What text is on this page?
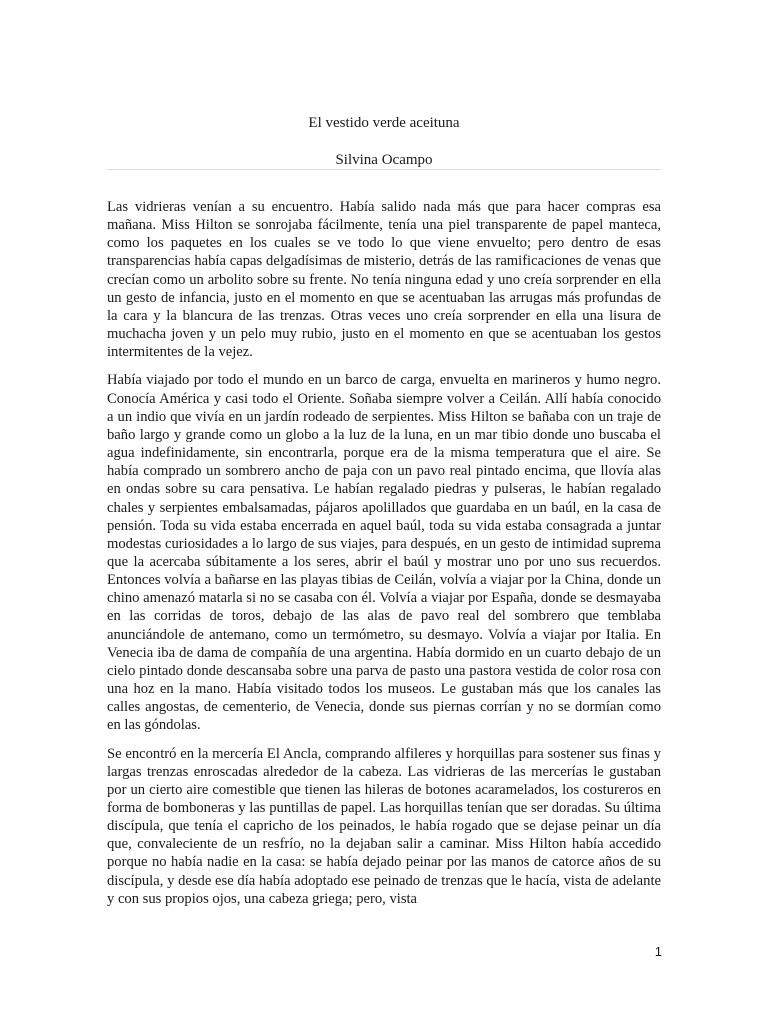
El vestido verde aceituna
Silvina Ocampo

Las vidrieras venían a su encuentro. Había salido nada más que para hacer compras esa mañana. Miss Hilton se sonrojaba fácilmente, tenía una piel transparente de papel manteca, como los paquetes en los cuales se ve todo lo que viene envuelto; pero dentro de esas transparencias había capas delgadísimas de misterio, detrás de las ramificaciones de venas que crecían como un arbolito sobre su frente. No tenía ninguna edad y uno creía sorprender en ella un gesto de infancia, justo en el momento en que se acentuaban las arrugas más profundas de la cara y la blancura de las trenzas. Otras veces uno creía sorprender en ella una lisura de muchacha joven y un pelo muy rubio, justo en el momento en que se acentuaban los gestos intermitentes de la vejez.

Había viajado por todo el mundo en un barco de carga, envuelta en marineros y humo negro. Conocía América y casi todo el Oriente. Soñaba siempre volver a Ceilán. Allí había conocido a un indio que vivía en un jardín rodeado de serpientes. Miss Hilton se bañaba con un traje de baño largo y grande como un globo a la luz de la luna, en un mar tibio donde uno buscaba el agua indefinidamente, sin encontrarla, porque era de la misma temperatura que el aire. Se había comprado un sombrero ancho de paja con un pavo real pintado encima, que llovía alas en ondas sobre su cara pensativa. Le habían regalado piedras y pulseras, le habían regalado chales y serpientes embalsamadas, pájaros apolillados que guardaba en un baúl, en la casa de pensión. Toda su vida estaba encerrada en aquel baúl, toda su vida estaba consagrada a juntar modestas curiosidades a lo largo de sus viajes, para después, en un gesto de intimidad suprema que la acercaba súbitamente a los seres, abrir el baúl y mostrar uno por uno sus recuerdos. Entonces volvía a bañarse en las playas tibias de Ceilán, volvía a viajar por la China, donde un chino amenazó matarla si no se casaba con él. Volvía a viajar por España, donde se desmayaba en las corridas de toros, debajo de las alas de pavo real del sombrero que temblaba anunciándole de antemano, como un termómetro, su desmayo. Volvía a viajar por Italia. En Venecia iba de dama de compañía de una argentina. Había dormido en un cuarto debajo de un cielo pintado donde descansaba sobre una parva de pasto una pastora vestida de color rosa con una hoz en la mano. Había visitado todos los museos. Le gustaban más que los canales las calles angostas, de cementerio, de Venecia, donde sus piernas corrían y no se dormían como en las góndolas.

Se encontró en la mercería El Ancla, comprando alfileres y horquillas para sostener sus finas y largas trenzas enroscadas alrededor de la cabeza. Las vidrieras de las mercerías le gustaban por un cierto aire comestible que tienen las hileras de botones acaramelados, los costureros en forma de bomboneras y las puntillas de papel. Las horquillas tenían que ser doradas. Su última discípula, que tenía el capricho de los peinados, le había rogado que se dejase peinar un día que, convaleciente de un resfrío, no la dejaban salir a caminar. Miss Hilton había accedido porque no había nadie en la casa: se había dejado peinar por las manos de catorce años de su discípula, y desde ese día había adoptado ese peinado de trenzas que le hacía, vista de adelante y con sus propios ojos, una cabeza griega; pero, vista

1
